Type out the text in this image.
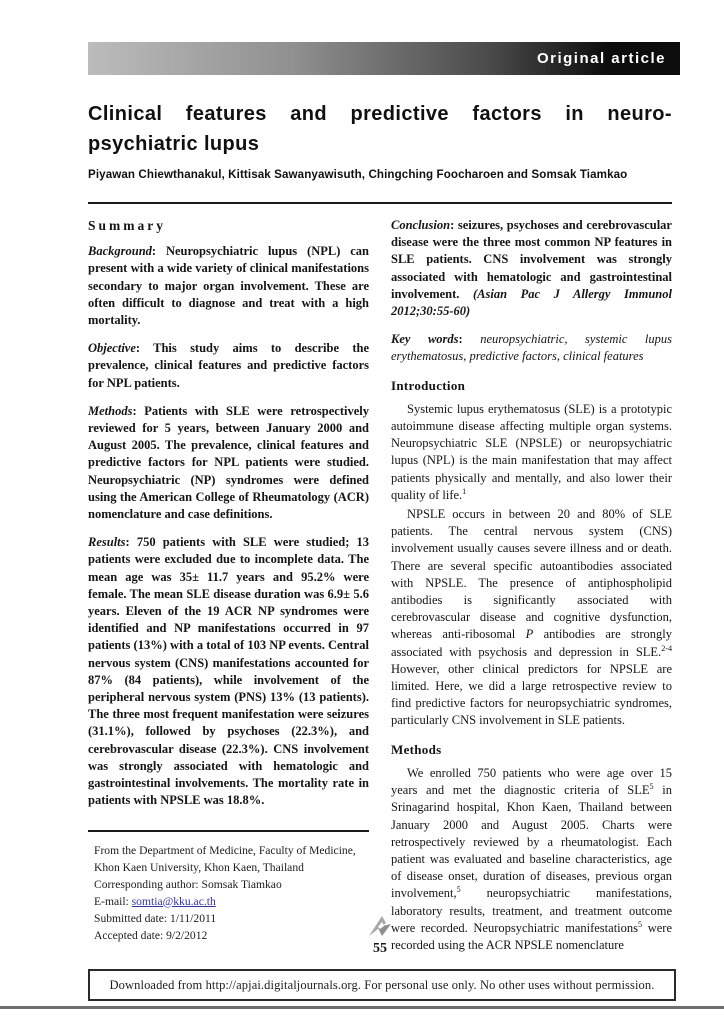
Original article
Clinical features and predictive factors in neuro-
psychiatric lupus
Piyawan Chiewthanakul, Kittisak Sawanyawisuth, Chingching Foocharoen and Somsak Tiamkao
Summary

Background: Neuropsychiatric lupus (NPL) can present with a wide variety of clinical manifestations secondary to major organ involvement. These are often difficult to diagnose and treat with a high mortality.

Objective: This study aims to describe the prevalence, clinical features and predictive factors for NPL patients.

Methods: Patients with SLE were retrospectively reviewed for 5 years, between January 2000 and August 2005. The prevalence, clinical features and predictive factors for NPL patients were studied. Neuropsychiatric (NP) syndromes were defined using the American College of Rheumatology (ACR) nomenclature and case definitions.

Results: 750 patients with SLE were studied; 13 patients were excluded due to incomplete data. The mean age was 35± 11.7 years and 95.2% were female. The mean SLE disease duration was 6.9± 5.6 years. Eleven of the 19 ACR NP syndromes were identified and NP manifestations occurred in 97 patients (13%) with a total of 103 NP events. Central nervous system (CNS) manifestations accounted for 87% (84 patients), while involvement of the peripheral nervous system (PNS) 13% (13 patients). The three most frequent manifestation were seizures (31.1%), followed by psychoses (22.3%), and cerebrovascular disease (22.3%). CNS involvement was strongly associated with hematologic and gastrointestinal involvements. The mortality rate in patients with NPSLE was 18.8%.

From the Department of Medicine, Faculty of Medicine, Khon Kaen University, Khon Kaen, Thailand

Corresponding author: Somsak Tiamkao

E-mail: somtia@kku.ac.th

Submitted date: 1/11/2011

Accepted date: 9/2/2012

Conclusion: seizures, psychoses and cerebrovascular disease were the three most common NP features in SLE patients. CNS involvement was strongly associated with hematologic and gastrointestinal involvement. (Asian Pac J Allergy Immunol 2012;30:55-60)

Key words: neuropsychiatric, systemic lupus erythematosus, predictive factors, clinical features

Introduction

Systemic lupus erythematosus (SLE) is a prototypic autoimmune disease affecting multiple organ systems. Neuropsychiatric SLE (NPSLE) or neuropsychiatric lupus (NPL) is the main manifestation that may affect patients physically and mentally, and also lower their quality of life.$^1$

NPSLE occurs in between 20 and 80% of SLE patients. The central nervous system (CNS) involvement usually causes severe illness and or death. There are several specific autoantibodies associated with NPSLE. The presence of antiphospholipid antibodies is significantly associated with cerebrovascular disease and cognitive dysfunction, whereas anti-ribosomal P antibodies are strongly associated with psychosis and depression in SLE.$^{2-4}$ However, other clinical predictors for NPSLE are limited. Here, we did a large retrospective review to find predictive factors for neuropsychiatric syndromes, particularly CNS involvement in SLE patients.

Methods

We enrolled 750 patients who were age over 15 years and met the diagnostic criteria of SLE$^5$ in Srinagarind hospital, Khon Kaen, Thailand between January 2000 and August 2005. Charts were retrospectively reviewed by a rheumatologist. Each patient was evaluated and baseline characteristics, age of disease onset, duration of diseases, previous organ involvement,$^5$ neuropsychiatric manifestations, laboratory results, treatment, and treatment outcome were recorded. Neuropsychiatric manifestations$^5$ were recorded using the ACR NPSLE nomenclature

55
Downloaded from http://apjai.digitaljournals.org. For personal use only. No other uses without permission.
